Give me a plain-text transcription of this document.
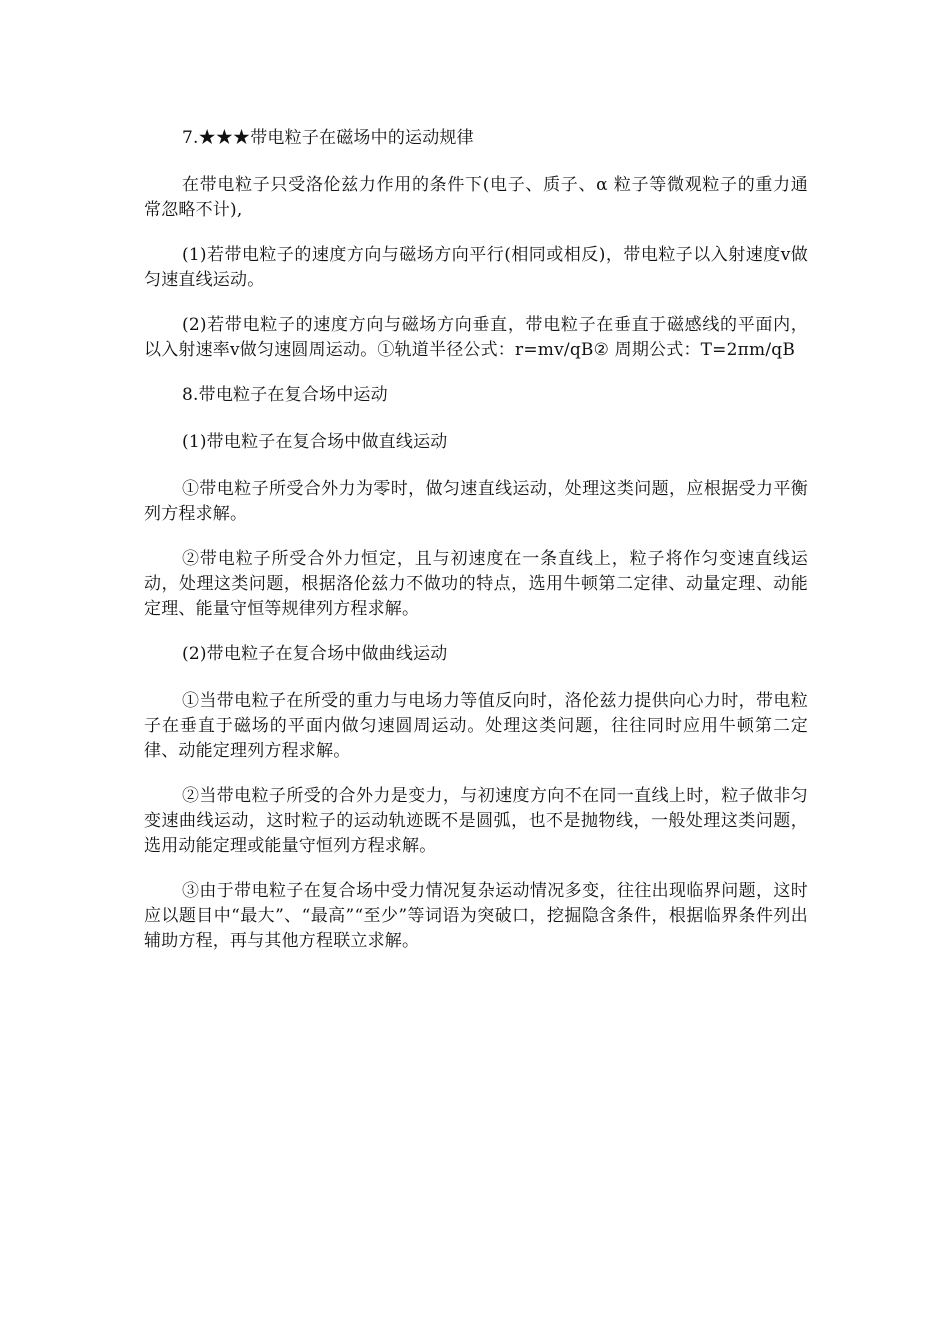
7.★★★带电粒子在磁场中的运动规律

在带电粒子只受洛伦兹力作用的条件下(电子、质子、α 粒子等微观粒子的重力通常忽略不计),

(1)若带电粒子的速度方向与磁场方向平行(相同或相反)，带电粒子以入射速度v做匀速直线运动。

(2)若带电粒子的速度方向与磁场方向垂直，带电粒子在垂直于磁感线的平面内，以入射速率v做匀速圆周运动。①轨道半径公式：r=mv/qB② 周期公式：T=2πm/qB

8.带电粒子在复合场中运动

(1)带电粒子在复合场中做直线运动

①带电粒子所受合外力为零时，做匀速直线运动，处理这类问题，应根据受力平衡列方程求解。

②带电粒子所受合外力恒定，且与初速度在一条直线上，粒子将作匀变速直线运动，处理这类问题，根据洛伦兹力不做功的特点，选用牛顿第二定律、动量定理、动能定理、能量守恒等规律列方程求解。

(2)带电粒子在复合场中做曲线运动

①当带电粒子在所受的重力与电场力等值反向时，洛伦兹力提供向心力时，带电粒子在垂直于磁场的平面内做匀速圆周运动。处理这类问题，往往同时应用牛顿第二定律、动能定理列方程求解。

②当带电粒子所受的合外力是变力，与初速度方向不在同一直线上时，粒子做非匀变速曲线运动，这时粒子的运动轨迹既不是圆弧，也不是抛物线，一般处理这类问题，选用动能定理或能量守恒列方程求解。

③由于带电粒子在复合场中受力情况复杂运动情况多变，往往出现临界问题，这时应以题目中“最大”、“最高”“至少”等词语为突破口，挖掘隐含条件，根据临界条件列出辅助方程，再与其他方程联立求解。
